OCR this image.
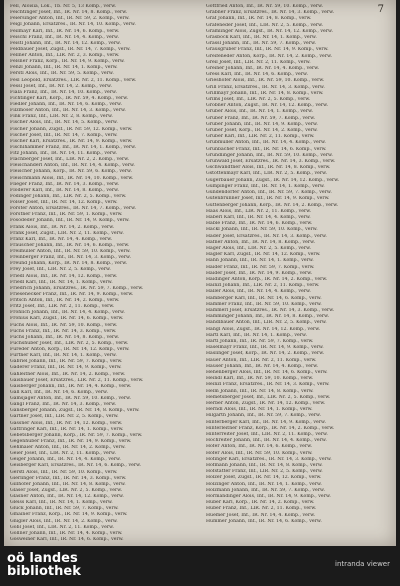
7
Fell, Aloisia, Lok., Tb. Nr. 5, 13 Komp., verw.
Feichtinger Josef, Inf., IR. Nr. 14, 8. Komp., verw.
Feiersinger Anton, Inf., IR. Nr. 59, 2. Komp., verw.
Feigl Johann, Ersatzres., IR. Nr. 14, 10. Komp., verw.
Feilmayr Karl, Inf., IR. Nr. 14, 6. Komp., verw.
Feischl Franz, Inf., IR. Nr. 14, 4. Komp., verw.
Feistl Johann, Inf., IR. Nr. 14, 12. Komp., verw.
Feldbauer Josef, Zugsf., IR. Nr. 14, 7. Komp., verw.
Fellner Anton, Inf., LIR. Nr. 2, 3. Komp., verw.
Felsner Franz, Korp., IR. Nr. 14, 9. Komp., verw.
Fenzl Johann, Inf., IR. Nr. 14, 1. Komp., verw.
Ferstl Alois, Inf., IR. Nr. 59, 5. Komp., verw.
Fesl Leopold, Ersatzres., LIR. Nr. 2, 11. Komp., verw.
Fessl Josef, Inf., IR. Nr. 14, 2. Komp., verw.
Fiala Franz, Inf., IR. Nr. 14, 10. Komp., verw.
Fichtinger Karl, Korp., IR. Nr. 59, 4. Komp., verw.
Fiedler Johann, Inf., IR. Nr. 14, 6. Komp., verw.
Filzmoser Anton, Inf., IR. Nr. 14, 3. Komp., verw.
Fink Franz, Inf., LIR. Nr. 2, 8. Komp., verw.
Fischer Alois, Inf., IR. Nr. 14, 5. Komp., verw.
Fischer Johann, Zugsf., IR. Nr. 59, 12. Komp., verw.
Fischer Josef, Inf., IR. Nr. 14, 7. Komp., verw.
Fischer Karl, Ersatzres., IR. Nr. 14, 9. Komp., verw.
Fischlhammer Franz, Inf., IR. Nr. 14, 1. Komp., verw.
Fitz Johann, Inf., IR. Nr. 14, 11. Komp., verw.
Flachberger Josef, Inf., LIR. Nr. 2, 2. Komp., verw.
Fleischanderl Anton, Inf., IR. Nr. 14, 4. Komp., verw.
Fleischer Johann, Korp., IR. Nr. 59, 6. Komp., verw.
Fleischmann Alois, Inf., IR. Nr. 14, 10. Komp., verw.
Flieger Franz, Inf., IR. Nr. 14, 3. Komp., verw.
Floderer Karl, Inf., IR. Nr. 14, 8. Komp., verw.
Födinger Johann, Inf., LIR. Nr. 2, 5. Komp., verw.
Fölser Josef, Inf., IR. Nr. 14, 12. Komp., verw.
Forster Anton, Ersatzres., IR. Nr. 14, 7. Komp., verw.
Forstner Franz, Inf., IR. Nr. 59, 1. Komp., verw.
Fosodeder Johann, Inf., IR. Nr. 14, 9. Komp., verw.
Frank Alois, Inf., IR. Nr. 14, 2. Komp., verw.
Frank Josef, Zugsf., LIR. Nr. 2, 11. Komp., verw.
Franz Karl, Inf., IR. Nr. 14, 4. Komp., verw.
Frauscher Johann, Inf., IR. Nr. 14, 6. Komp., verw.
Freimüller Anton, Inf., IR. Nr. 59, 10. Komp., verw.
Freinberger Franz, Inf., IR. Nr. 14, 3. Komp., verw.
Freund Johann, Korp., IR. Nr. 14, 8. Komp., verw.
Frey Josef, Inf., LIR. Nr. 2, 5. Komp., verw.
Friedl Alois, Inf., IR. Nr. 14, 12. Komp., verw.
Friedl Karl, Inf., IR. Nr. 14, 1. Komp., verw.
Friedrich Johann, Ersatzres., IR. Nr. 59, 7. Komp., verw.
Friesenecker Franz, Inf., IR. Nr. 14, 9. Komp., verw.
Fritsch Anton, Inf., IR. Nr. 14, 2. Komp., verw.
Fritz Josef, Inf., LIR. Nr. 2, 11. Komp., verw.
Fröhlich Johann, Inf., IR. Nr. 14, 4. Komp., verw.
Fronius Karl, Zugsf., IR. Nr. 14, 6. Komp., verw.
Fuchs Alois, Inf., IR. Nr. 59, 10. Komp., verw.
Fuchs Franz, Inf., IR. Nr. 14, 3. Komp., verw.
Fuchs Johann, Inf., IR. Nr. 14, 8. Komp., verw.
Fuchshuber Josef, Inf., LIR. Nr. 2, 5. Komp., verw.
Füreder Anton, Korp., IR. Nr. 14, 12. Komp., verw.
Furtner Karl, Inf., IR. Nr. 14, 1. Komp., verw.
Gabriel Johann, Inf., IR. Nr. 59, 7. Komp., verw.
Gaderer Franz, Inf., IR. Nr. 14, 9. Komp., verw.
Gahleitner Alois, Inf., IR. Nr. 14, 2. Komp., verw.
Gaisbauer Josef, Ersatzres., LIR. Nr. 2, 11. Komp., verw.
Gaisberger Johann, Inf., IR. Nr. 14, 4. Komp., verw.
Gall Karl, Inf., IR. Nr. 14, 6. Komp., verw.
Gamsjäger Anton, Inf., IR. Nr. 59, 10. Komp., verw.
Gangl Franz, Inf., IR. Nr. 14, 3. Komp., verw.
Gansberger Johann, Zugsf., IR. Nr. 14, 8. Komp., verw.
Gärtner Josef, Inf., LIR. Nr. 2, 5. Komp., verw.
Gassner Alois, Inf., IR. Nr. 14, 12. Komp., verw.
Gattringer Karl, Inf., IR. Nr. 14, 1. Komp., verw.
Gebetsberger Johann, Korp., IR. Nr. 59, 7. Komp., verw.
Gegenhuber Franz, Inf., IR. Nr. 14, 9. Komp., verw.
Gehmaier Anton, Inf., IR. Nr. 14, 2. Komp., verw.
Geier Josef, Inf., LIR. Nr. 2, 11. Komp., verw.
Geiger Johann, Inf., IR. Nr. 14, 4. Komp., verw.
Geisberger Karl, Ersatzres., IR. Nr. 14, 6. Komp., verw.
Gerstl Alois, Inf., IR. Nr. 59, 10. Komp., verw.
Gierlinger Franz, Inf., IR. Nr. 14, 3. Komp., verw.
Gillhofer Johann, Inf., IR. Nr. 14, 8. Komp., verw.
Glaser Josef, Zugsf., LIR. Nr. 2, 5. Komp., verw.
Glasner Anton, Inf., IR. Nr. 14, 12. Komp., verw.
Gleiss Karl, Inf., IR. Nr. 14, 1. Komp., verw.
Glück Johann, Inf., IR. Nr. 59, 7. Komp., verw.
Gmainer Franz, Korp., IR. Nr. 14, 9. Komp., verw.
Gnigler Alois, Inf., IR. Nr. 14, 2. Komp., verw.
Göbl Josef, Inf., LIR. Nr. 2, 11. Komp., verw.
Gollner Johann, Inf., IR. Nr. 14, 4. Komp., verw.
Gösweiner Karl, Inf., IR. Nr. 14, 6. Komp., verw.
Gottfried Anton, Inf., IR. Nr. 59, 10. Komp., verw.
Grabner Franz, Ersatzres., IR. Nr. 14, 3. Komp., verw.
Graf Johann, Inf., IR. Nr. 14, 8. Komp., verw.
Grafeneder Josef, Inf., LIR. Nr. 2, 5. Komp., verw.
Gramlinger Alois, Zugsf., IR. Nr. 14, 12. Komp., verw.
Grasböck Karl, Inf., IR. Nr. 14, 1. Komp., verw.
Grassl Johann, Inf., IR. Nr. 59, 7. Komp., verw.
Grausgruber Franz, Inf., IR. Nr. 14, 9. Komp., verw.
Greifeneder Anton, Korp., IR. Nr. 14, 2. Komp., verw.
Greil Josef, Inf., LIR. Nr. 2, 11. Komp., verw.
Greiner Johann, Inf., IR. Nr. 14, 4. Komp., verw.
Gress Karl, Inf., IR. Nr. 14, 6. Komp., verw.
Grieshofer Alois, Inf., IR. Nr. 59, 10. Komp., verw.
Grill Franz, Ersatzres., IR. Nr. 14, 3. Komp., verw.
Grillmayr Johann, Inf., IR. Nr. 14, 8. Komp., verw.
Grims Josef, Inf., LIR. Nr. 2, 5. Komp., verw.
Gröbner Anton, Zugsf., IR. Nr. 14, 12. Komp., verw.
Gruber Alois, Inf., IR. Nr. 14, 1. Komp., verw.
Gruber Franz, Inf., IR. Nr. 59, 7. Komp., verw.
Gruber Johann, Inf., IR. Nr. 14, 9. Komp., verw.
Gruber Josef, Korp., IR. Nr. 14, 2. Komp., verw.
Gruber Karl, Inf., LIR. Nr. 2, 11. Komp., verw.
Grubmüller Anton, Inf., IR. Nr. 14, 4. Komp., verw.
Grünbacher Franz, Inf., IR. Nr. 14, 6. Komp., verw.
Gründlinger Johann, Inf., IR. Nr. 59, 10. Komp., verw.
Grünwald Josef, Ersatzres., IR. Nr. 14, 3. Komp., verw.
Gschwandtner Alois, Inf., IR. Nr. 14, 8. Komp., verw.
Gstöttenmayr Karl, Inf., LIR. Nr. 2, 5. Komp., verw.
Gugerbauer Johann, Zugsf., IR. Nr. 14, 12. Komp., verw.
Gumpinger Franz, Inf., IR. Nr. 14, 1. Komp., verw.
Gundendorfer Anton, Inf., IR. Nr. 59, 7. Komp., verw.
Gutenbrunner Josef, Inf., IR. Nr. 14, 9. Komp., verw.
Guttenberger Johann, Korp., IR. Nr. 14, 2. Komp., verw.
Haas Alois, Inf., LIR. Nr. 2, 11. Komp., verw.
Haberl Karl, Inf., IR. Nr. 14, 4. Komp., verw.
Hable Franz, Inf., IR. Nr. 14, 6. Komp., verw.
Hackl Johann, Inf., IR. Nr. 59, 10. Komp., verw.
Hader Josef, Ersatzres., IR. Nr. 14, 3. Komp., verw.
Hafner Anton, Inf., IR. Nr. 14, 8. Komp., verw.
Hager Alois, Inf., LIR. Nr. 2, 5. Komp., verw.
Hagler Karl, Zugsf., IR. Nr. 14, 12. Komp., verw.
Hahn Johann, Inf., IR. Nr. 14, 1. Komp., verw.
Haider Franz, Inf., IR. Nr. 59, 7. Komp., verw.
Haider Josef, Inf., IR. Nr. 14, 9. Komp., verw.
Haidinger Anton, Korp., IR. Nr. 14, 2. Komp., verw.
Hainzl Johann, Inf., LIR. Nr. 2, 11. Komp., verw.
Haller Alois, Inf., IR. Nr. 14, 4. Komp., verw.
Hamberger Karl, Inf., IR. Nr. 14, 6. Komp., verw.
Hammer Franz, Inf., IR. Nr. 59, 10. Komp., verw.
Hammerl Josef, Ersatzres., IR. Nr. 14, 3. Komp., verw.
Hamminger Johann, Inf., IR. Nr. 14, 8. Komp., verw.
Handlbauer Anton, Inf., LIR. Nr. 2, 5. Komp., verw.
Hangl Alois, Zugsf., IR. Nr. 14, 12. Komp., verw.
Hartl Karl, Inf., IR. Nr. 14, 1. Komp., verw.
Hartl Johann, Inf., IR. Nr. 59, 7. Komp., verw.
Haselmayr Franz, Inf., IR. Nr. 14, 9. Komp., verw.
Haslinger Josef, Korp., IR. Nr. 14, 2. Komp., verw.
Hauer Anton, Inf., LIR. Nr. 2, 11. Komp., verw.
Hauser Johann, Inf., IR. Nr. 14, 4. Komp., verw.
Hehenberger Alois, Inf., IR. Nr. 14, 6. Komp., verw.
Heindl Karl, Inf., IR. Nr. 59, 10. Komp., verw.
Heinzl Franz, Ersatzres., IR. Nr. 14, 3. Komp., verw.
Helm Johann, Inf., IR. Nr. 14, 8. Komp., verw.
Hemetsberger Josef, Inf., LIR. Nr. 2, 5. Komp., verw.
Herber Anton, Zugsf., IR. Nr. 14, 12. Komp., verw.
Herndl Alois, Inf., IR. Nr. 14, 1. Komp., verw.
Hilgarth Johann, Inf., IR. Nr. 59, 7. Komp., verw.
Hinterberger Karl, Inf., IR. Nr. 14, 9. Komp., verw.
Hinterleitner Franz, Korp., IR. Nr. 14, 2. Komp., verw.
Hinterreiter Josef, Inf., LIR. Nr. 2, 11. Komp., verw.
Hochreiter Johann, Inf., IR. Nr. 14, 4. Komp., verw.
Höfer Anton, Inf., IR. Nr. 14, 6. Komp., verw.
Hofer Alois, Inf., IR. Nr. 59, 10. Komp., verw.
Hofinger Karl, Ersatzres., IR. Nr. 14, 3. Komp., verw.
Hofmann Johann, Inf., IR. Nr. 14, 8. Komp., verw.
Hofstätter Franz, Inf., LIR. Nr. 2, 5. Komp., verw.
Holzer Josef, Zugsf., IR. Nr. 14, 12. Komp., verw.
Holzinger Anton, Inf., IR. Nr. 14, 1. Komp., verw.
Holzmann Johann, Inf., IR. Nr. 59, 7. Komp., verw.
Hörmandinger Alois, Inf., IR. Nr. 14, 9. Komp., verw.
Huber Karl, Korp., IR. Nr. 14, 2. Komp., verw.
Huber Franz, Inf., LIR. Nr. 2, 11. Komp., verw.
Huemer Josef, Inf., IR. Nr. 14, 4. Komp., verw.
Hummer Johann, Inf., IR. Nr. 14, 6. Komp., verw.
oö landes
bibliothek	intranda viewer
